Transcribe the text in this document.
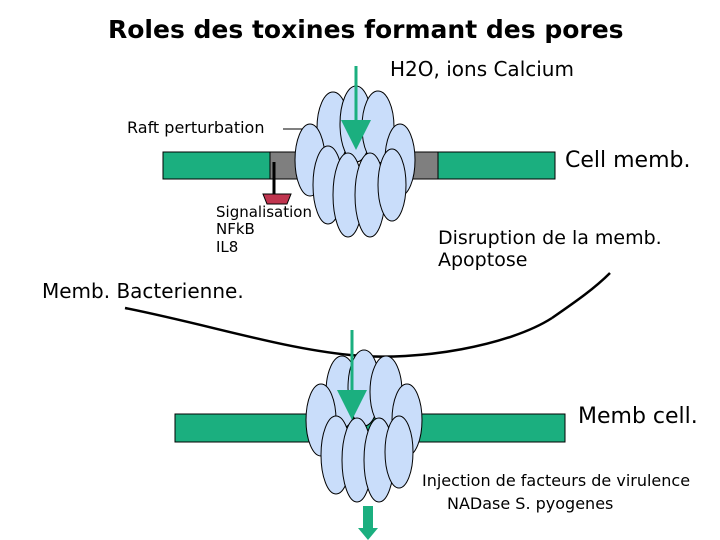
Roles des toxines formant des pores
H2O, ions Calcium
Raft perturbation
Cell memb.
Signalisation
NFkB
IL8	Disruption de la memb.
Apoptose
Memb. Bacterienne.
Memb cell.
Injection de facteurs de virulence
NADase S. pyogenes
